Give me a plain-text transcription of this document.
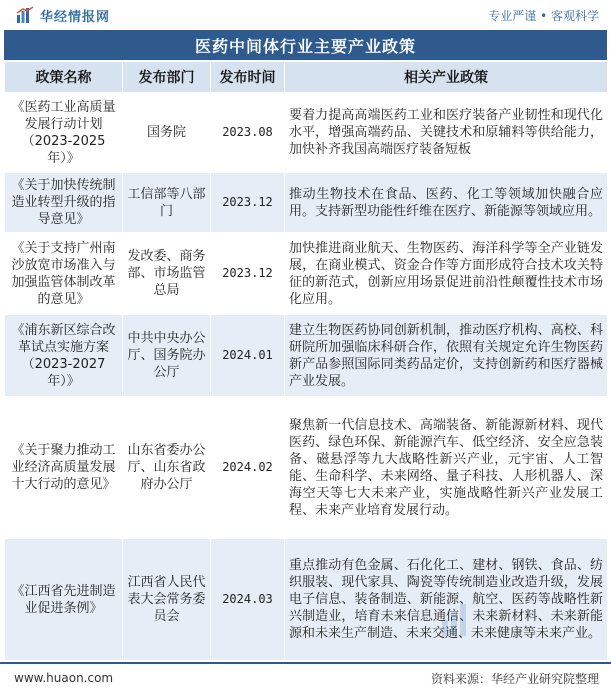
华经情报网	专业严谨 • 客观科学
医药中间体行业主要产业政策
政策名称	发布部门	发布时间	相关产业政策
《医药工业高质量发展行动计划（2023-2025年）》	国务院	2023.08	要着力提高高端医药工业和医疗装备产业韧性和现代化水平，增强高端药品、关键技术和原辅料等供给能力，加快补齐我国高端医疗装备短板
《关于加快传统制造业转型升级的指导意见》	工信部等八部门	2023.12	推动生物技术在食品、医药、化工等领域加快融合应用。支持新型功能性纤维在医疗、新能源等领域应用。
《关于支持广州南沙放宽市场准入与加强监管体制改革的意见》	发改委、商务部、市场监管总局	2023.12	加快推进商业航天、生物医药、海洋科学等全产业链发展，在商业模式、资金合作等方面形成符合技术攻关特征的新范式，创新应用场景促进前沿性颠覆性技术市场化应用。
《浦东新区综合改革试点实施方案（2023-2027年）》	中共中央办公厅、国务院办公厅	2024.01	建立生物医药协同创新机制，推动医疗机构、高校、科研院所加强临床科研合作，依照有关规定允许生物医药新产品参照国际同类药品定价，支持创新药和医疗器械产业发展。
《关于聚力推动工业经济高质量发展十大行动的意见》	山东省委办公厅、山东省政府办公厅	2024.02	聚焦新一代信息技术、高端装备、新能源新材料、现代医药、绿色环保、新能源汽车、低空经济、安全应急装备、磁悬浮等九大战略性新兴产业，元宇宙、人工智能、生命科学、未来网络、量子科技、人形机器人、深海空天等七大未来产业，实施战略性新兴产业发展工程、未来产业培育发展行动。
《江西省先进制造业促进条例》	江西省人民代表大会常务委员会	2024.03	重点推动有色金属、石化化工、建材、钢铁、食品、纺织服装、现代家具、陶瓷等传统制造业改造升级，发展电子信息、装备制造、新能源、航空、医药等战略性新兴制造业，培育未来信息通信、未来新材料、未来新能源和未来生产制造、未来交通、未来健康等未来产业。
www.huaon.com	资料来源：华经产业研究院整理
